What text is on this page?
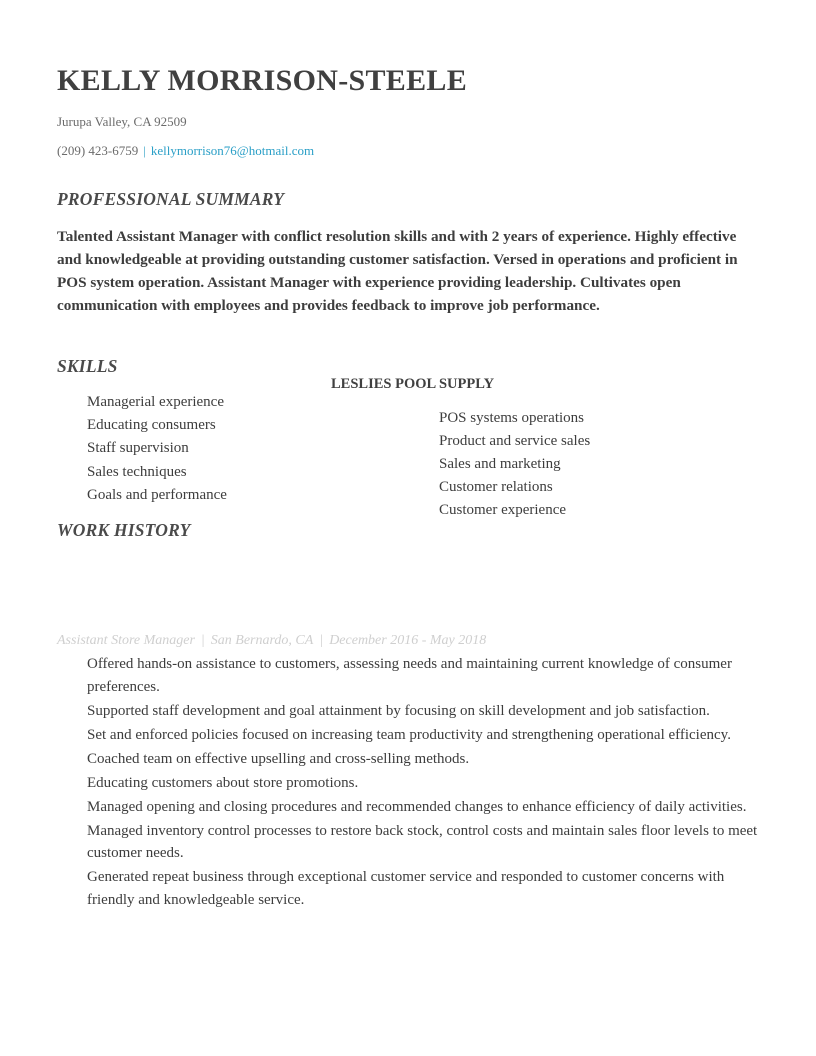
KELLY MORRISON-STEELE
Jurupa Valley, CA 92509
(209) 423-6759 | kellymorrison76@hotmail.com
PROFESSIONAL SUMMARY
Talented Assistant Manager with conflict resolution skills and with 2 years of experience. Highly effective and knowledgeable at providing outstanding customer satisfaction. Versed in operations and proficient in POS system operation. Assistant Manager with experience providing leadership. Cultivates open communication with employees and provides feedback to improve job performance.
SKILLS
LESLIES POOL SUPPLY
Managerial experience
Educating consumers
Staff supervision
Sales techniques
Goals and performance
POS systems operations
Product and service sales
Sales and marketing
Customer relations
Customer experience
WORK HISTORY
Assistant Store Manager | San Bernardo, CA | December 2016 - May 2018
Offered hands-on assistance to customers, assessing needs and maintaining current knowledge of consumer preferences.
Supported staff development and goal attainment by focusing on skill development and job satisfaction.
Set and enforced policies focused on increasing team productivity and strengthening operational efficiency.
Coached team on effective upselling and cross-selling methods.
Educating customers about store promotions.
Managed opening and closing procedures and recommended changes to enhance efficiency of daily activities.
Managed inventory control processes to restore back stock, control costs and maintain sales floor levels to meet customer needs.
Generated repeat business through exceptional customer service and responded to customer concerns with friendly and knowledgeable service.
